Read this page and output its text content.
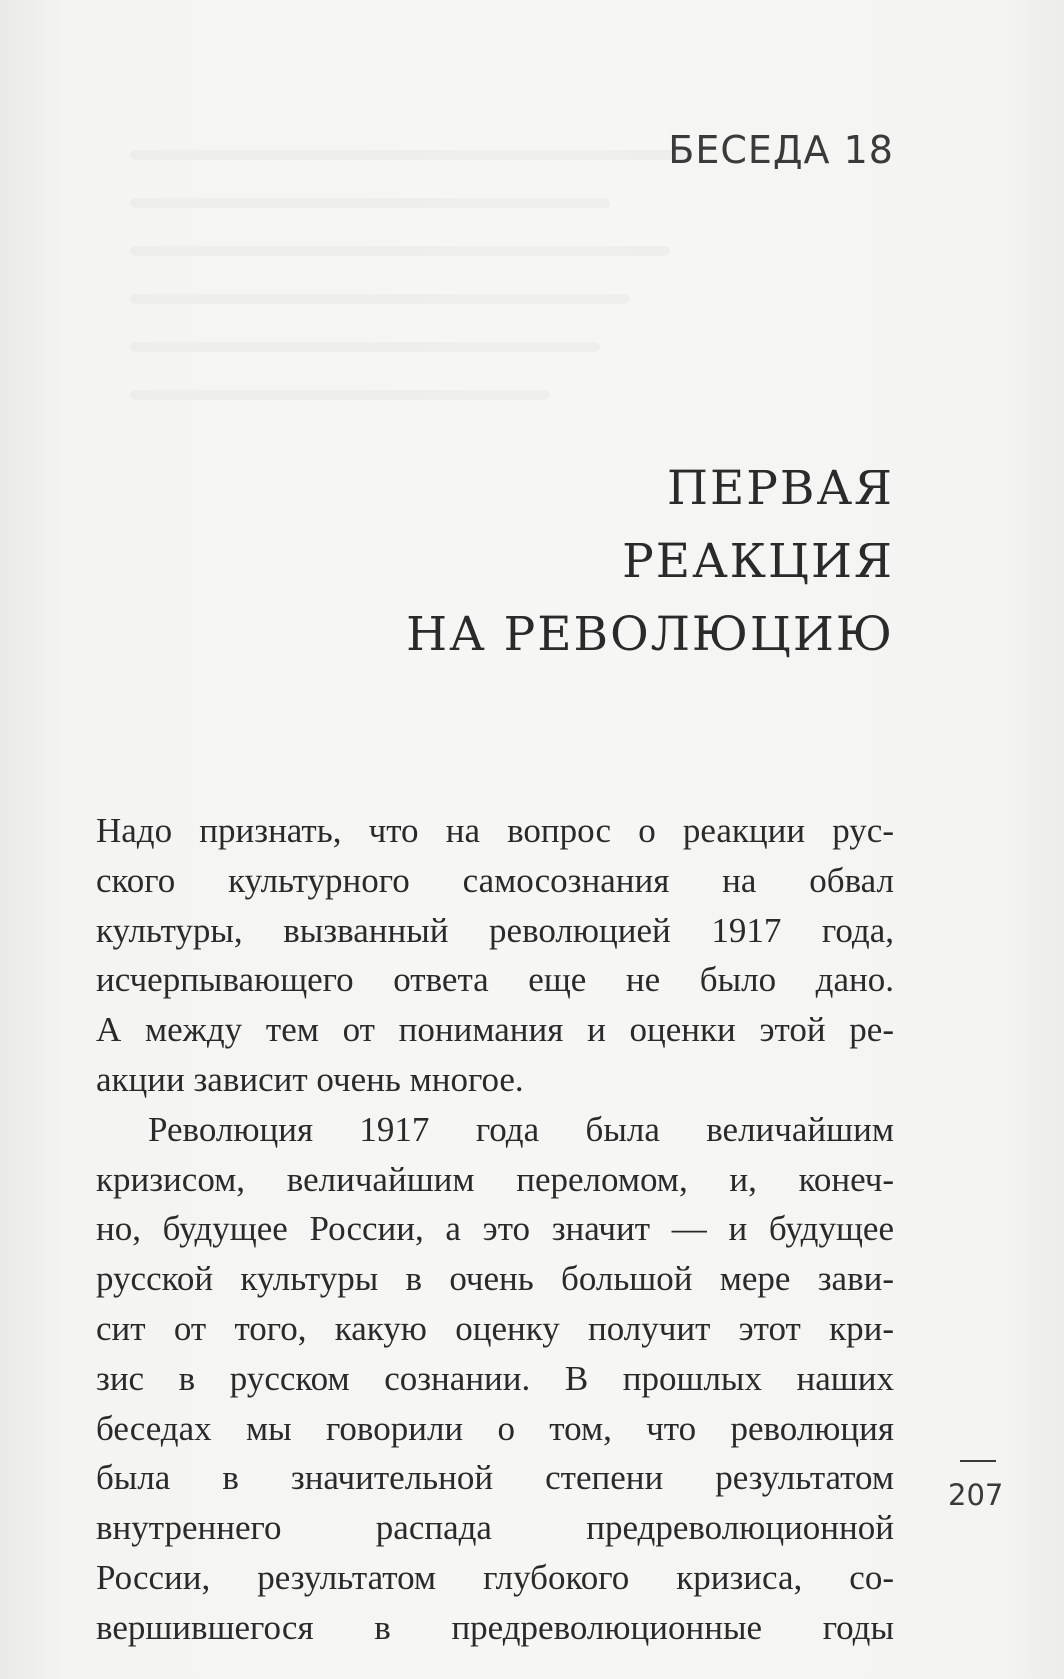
БЕСЕДА 18
ПЕРВАЯ
РЕАКЦИЯ
НА РЕВОЛЮЦИЮ
Надо признать, что на вопрос о реакции рус-
ского культурного самосознания на обвал
культуры, вызванный революцией 1917 года,
исчерпывающего ответа еще не было дано.
А между тем от понимания и оценки этой ре-
акции зависит очень многое.
Революция 1917 года была величайшим
кризисом, величайшим переломом, и, конеч-
но, будущее России, а это значит — и будущее
русской культуры в очень большой мере зави-
сит от того, какую оценку получит этот кри-
зис в русском сознании. В прошлых наших
беседах мы говорили о том, что революция
была в значительной степени результатом
внутреннего распада предреволюционной
России, результатом глубокого кризиса, со-
вершившегося в предреволюционные годы
207
